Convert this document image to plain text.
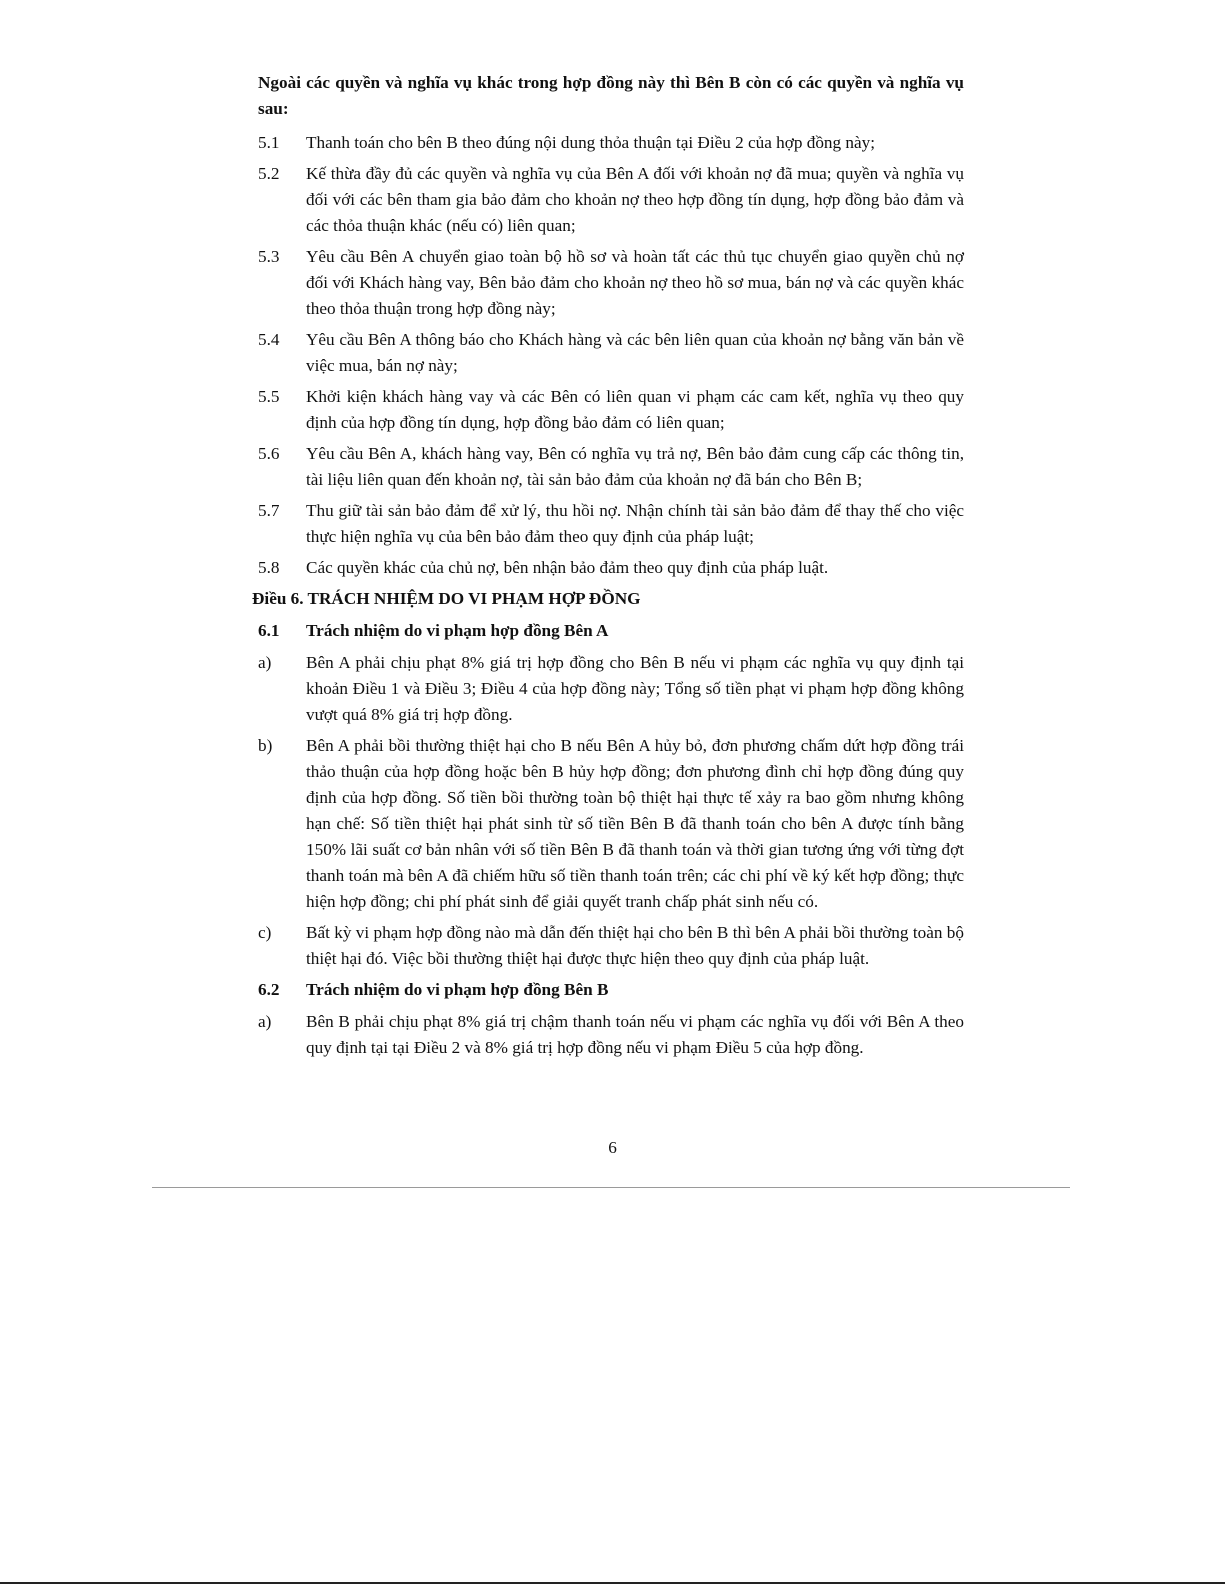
Ngoài các quyền và nghĩa vụ khác trong hợp đồng này thì Bên B còn có các quyền và nghĩa vụ sau:

5.1	Thanh toán cho bên B theo đúng nội dung thỏa thuận tại Điều 2 của hợp đồng này;
5.2	Kế thừa đầy đủ các quyền và nghĩa vụ của Bên A đối với khoản nợ đã mua; quyền và nghĩa vụ đối với các bên tham gia bảo đảm cho khoản nợ theo hợp đồng tín dụng, hợp đồng bảo đảm và các thỏa thuận khác (nếu có) liên quan;
5.3	Yêu cầu Bên A chuyển giao toàn bộ hồ sơ và hoàn tất các thủ tục chuyển giao quyền chủ nợ đối với Khách hàng vay, Bên bảo đảm cho khoản nợ theo hồ sơ mua, bán nợ và các quyền khác theo thỏa thuận trong hợp đồng này;
5.4	Yêu cầu Bên A thông báo cho Khách hàng và các bên liên quan của khoản nợ bằng văn bản về việc mua, bán nợ này;
5.5	Khởi kiện khách hàng vay và các Bên có liên quan vi phạm các cam kết, nghĩa vụ theo quy định của hợp đồng tín dụng, hợp đồng bảo đảm có liên quan;
5.6	Yêu cầu Bên A, khách hàng vay, Bên có nghĩa vụ trả nợ, Bên bảo đảm cung cấp các thông tin, tài liệu liên quan đến khoản nợ, tài sản bảo đảm của khoản nợ đã bán cho Bên B;
5.7	Thu giữ tài sản bảo đảm để xử lý, thu hồi nợ. Nhận chính tài sản bảo đảm để thay thế cho việc thực hiện nghĩa vụ của bên bảo đảm theo quy định của pháp luật;
5.8	Các quyền khác của chủ nợ, bên nhận bảo đảm theo quy định của pháp luật.
Điều 6. TRÁCH NHIỆM DO VI PHẠM HỢP ĐỒNG
6.1	Trách nhiệm do vi phạm hợp đồng Bên A
a)	Bên A phải chịu phạt 8% giá trị hợp đồng cho Bên B nếu vi phạm các nghĩa vụ quy định tại khoản Điều 1 và Điều 3; Điều 4 của hợp đồng này; Tổng số tiền phạt vi phạm hợp đồng không vượt quá 8% giá trị hợp đồng.
b)	Bên A phải bồi thường thiệt hại cho B nếu Bên A hủy bỏ, đơn phương chấm dứt hợp đồng trái thảo thuận của hợp đồng hoặc bên B hủy hợp đồng; đơn phương đình chỉ hợp đồng đúng quy định của hợp đồng. Số tiền bồi thường toàn bộ thiệt hại thực tế xảy ra bao gồm nhưng không hạn chế: Số tiền thiệt hại phát sinh từ số tiền Bên B đã thanh toán cho bên A được tính bằng 150% lãi suất cơ bản nhân với số tiền Bên B đã thanh toán và thời gian tương ứng với từng đợt thanh toán mà bên A đã chiếm hữu số tiền thanh toán trên; các chi phí về ký kết hợp đồng; thực hiện hợp đồng; chi phí phát sinh để giải quyết tranh chấp phát sinh nếu có.
c)	Bất kỳ vi phạm hợp đồng nào mà dẫn đến thiệt hại cho bên B thì bên A phải bồi thường toàn bộ thiệt hại đó. Việc bồi thường thiệt hại được thực hiện theo quy định của pháp luật.
6.2	Trách nhiệm do vi phạm hợp đồng Bên B
a)	Bên B phải chịu phạt 8% giá trị chậm thanh toán nếu vi phạm các nghĩa vụ đối với Bên A theo quy định tại tại Điều 2 và 8% giá trị hợp đồng nếu vi phạm Điều 5 của hợp đồng.
6
